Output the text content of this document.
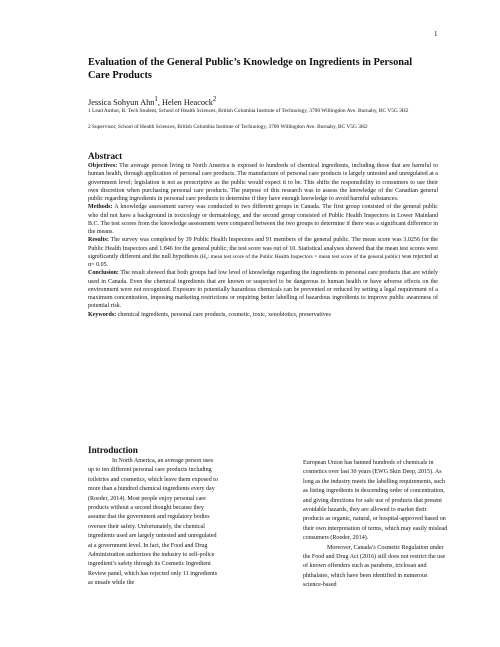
1
Evaluation of the General Public’s Knowledge on Ingredients in Personal Care Products
Jessica Sohyun Ahn$^1$, Helen Heacock$^2$
1 Lead Author, B. Tech Student, School of Health Sciences, British Columbia Institute of Technology, 3700 Willingdon Ave. Burnaby, BC V5G 3H2
2 Supervisor, School of Health Sciences, British Columbia Institute of Technology, 3700 Willingdon Ave. Burnaby, BC V5G 3H2
Abstract

Objectives: The average person living in North America is exposed to hundreds of chemical ingredients, including those that are harmful to human health, through application of personal care products. The manufacture of personal care products is largely untested and unregulated at a government level; legislation is not as prescriptive as the public would expect it to be. This shifts the responsibility to consumers to use their own discretion when purchasing personal care products. The purpose of this research was to assess the knowledge of the Canadian general public regarding ingredients in personal care products to determine if they have enough knowledge to avoid harmful substances.

Methods: A knowledge assessment survey was conducted to two different groups in Canada. The first group consisted of the general public who did not have a background in toxicology or dermatology, and the second group consisted of Public Health Inspectors in Lower Mainland B.C. The test scores from the knowledge assessment were compared between the two groups to determine if there was a significant difference in the means.

Results: The survey was completed by 39 Public Health Inspectors and 91 members of the general public. The mean score was 3.0256 for the Public Health Inspectors and 1.846 for the general public; the test score was out of 10. Statistical analyses showed that the mean test scores were significantly different and the null hypothesis (H₀: mean test score of the Public Health Inspectors = mean test score of the general public) was rejected at α= 0.05.

Conclusion: The result showed that both groups had low level of knowledge regarding the ingredients in personal care products that are widely used in Canada. Even the chemical ingredients that are known or suspected to be dangerous to human health or have adverse effects on the environment were not recognized. Exposure to potentially hazardous chemicals can be prevented or reduced by setting a legal requirement of a maximum concentration, imposing marketing restrictions or requiring better labelling of hazardous ingredients to improve public awareness of potential risk.

Keywords: chemical ingredients, personal care products, cosmetic, toxic, xenobiotics, preservatives

Introduction

In North America, an average person uses up to ten different personal care products including toiletries and cosmetics, which leave them exposed to more than a hundred chemical ingredients every day (Roeder, 2014). Most people enjoy personal care products without a second thought because they assume that the government and regulatory bodies oversee their safety. Unfortunately, the chemical ingredients used are largely untested and unregulated at a government level. In fact, the Food and Drug Administration authorizes the industry to self-police ingredient’s safety through its Cosmetic Ingredient Review panel, which has rejected only 11 ingredients as unsafe while the

European Union has banned hundreds of chemicals in cosmetics over last 30 years (EWG Skin Deep, 2015). As long as the industry meets the labelling requirements, such as listing ingredients in descending order of concentration, and giving directions for safe use of products that present avoidable hazards, they are allowed to market their products as organic, natural, or hospital-approved based on their own interpretation of terms, which may easily mislead consumers (Roeder, 2014).

Moreover, Canada’s Cosmetic Regulation under the Food and Drug Act (2016) still does not restrict the use of known offenders such as parabens, triclosan and phthalates, which have been identified in numerous science-based
